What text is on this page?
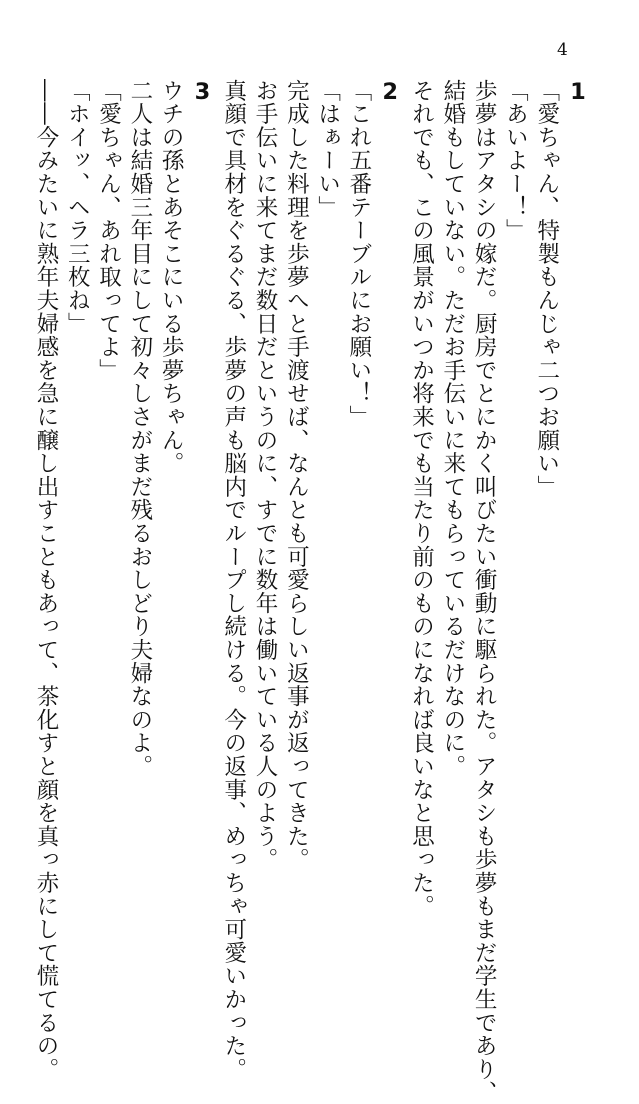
4
1
「愛ちゃん、特製もんじゃ二つお願い」
「あいよー！」
歩夢はアタシの嫁だ。厨房でとにかく叫びたい衝動に駆られた。アタシも歩夢もまだ学生であり、
結婚もしていない。ただお手伝いに来てもらっているだけなのに。
それでも、この風景がいつか将来でも当たり前のものになれば良いなと思った。
2
「これ五番テーブルにお願い！」
「はぁーい」
完成した料理を歩夢へと手渡せば、なんとも可愛らしい返事が返ってきた。
お手伝いに来てまだ数日だというのに、すでに数年は働いている人のよう。
真顔で具材をぐるぐる、歩夢の声も脳内でループし続ける。今の返事、めっちゃ可愛いかった。
3
ウチの孫とあそこにいる歩夢ちゃん。
二人は結婚三年目にして初々しさがまだ残るおしどり夫婦なのよ。
「愛ちゃん、あれ取ってよ」
「ホイッ、ヘラ三枚ね」
――今みたいに熟年夫婦感を急に醸し出すこともあって、茶化すと顔を真っ赤にして慌てるの。
